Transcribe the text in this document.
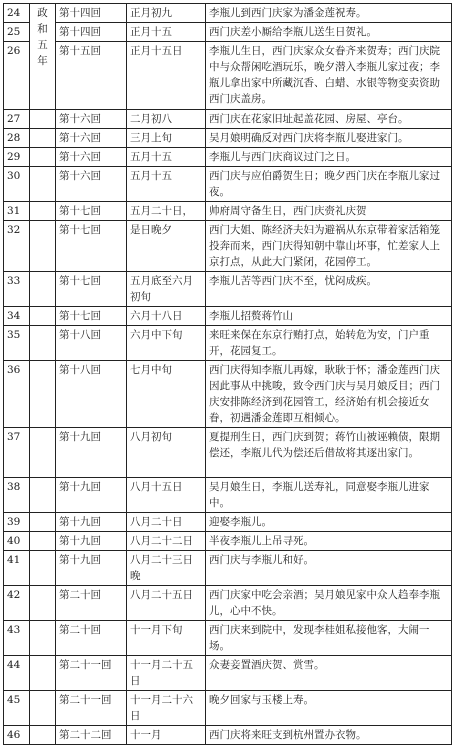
24	政和五年	第十四回	正月初九	李瓶儿到西门庆家为潘金莲祝寿。
25		第十四回	正月十五	西门庆差小厮给李瓶儿送生日贺礼。
26		第十五回	正月十五日	李瓶儿生日，西门庆家众女眷齐来贺寿；西门庆院中与众帮闲吃酒玩乐，晚夕潜入李瓶儿家过夜；李瓶儿拿出家中所藏沉香、白蜡、水银等物变卖资助西门庆盖房。
27		第十六回	二月初八	西门庆在花家旧址起盖花园、房屋、亭台。
28		第十六回	三月上旬	吴月娘明确反对西门庆将李瓶儿娶进家门。
29		第十六回	五月十五	李瓶儿与西门庆商议过门之日。
30		第十六回	五月十五	西门庆与应伯爵贺生日；晚夕西门庆在李瓶儿家过夜。
31		第十七回	五月二十日，	帅府周守备生日，西门庆赍礼庆贺
32		第十七回	是日晚夕	西门大姐、陈经济夫妇为避祸从东京带着家活箱笼投奔而来，西门庆得知朝中靠山坏事，忙差家人上京打点，从此大门紧闭，花园停工。
33		第十七回	五月底至六月初旬	李瓶儿苦等西门庆不至，忧闷成疾。
34		第十七回	六月十八日	李瓶儿招赘蒋竹山
35		第十八回	六月中下旬	来旺来保在东京行贿打点，始转危为安，门户重开，花园复工。
36		第十八回	七月中旬	西门庆得知李瓶儿再嫁，耿耿于怀；潘金莲西门庆因此事从中挑唆，致令西门庆与吴月娘反目；西门庆安排陈经济到花园管工，经济始有机会接近女眷，初遇潘金莲即互相倾心。
37		第十九回	八月初旬	夏提刑生日，西门庆到贺；蒋竹山被诬赖债，限期偿还，李瓶儿代为偿还后借故将其逐出家门。
38		第十九回	八月十五日	吴月娘生日，李瓶儿送寿礼，同意娶李瓶儿进家中。
39		第十九回	八月二十日	迎娶李瓶儿。
40		第十九回	八月二十二日	半夜李瓶儿上吊寻死。
41		第十九回	八月二十三日晚	西门庆与李瓶儿和好。
42		第二十回	八月二十五日	西门庆家中吃会亲酒；吴月娘见家中众人趋奉李瓶儿，心中不快。
43		第二十回	十一月下旬	西门庆来到院中，发现李桂姐私接他客，大闹一场。
44		第二十一回	十一月二十五日	众妻妾置酒庆贺、赏雪。
45		第二十一回	十一月二十六日	晚夕回家与玉楼上寿。
46		第二十二回	十一月	西门庆将来旺支到杭州置办衣物。
